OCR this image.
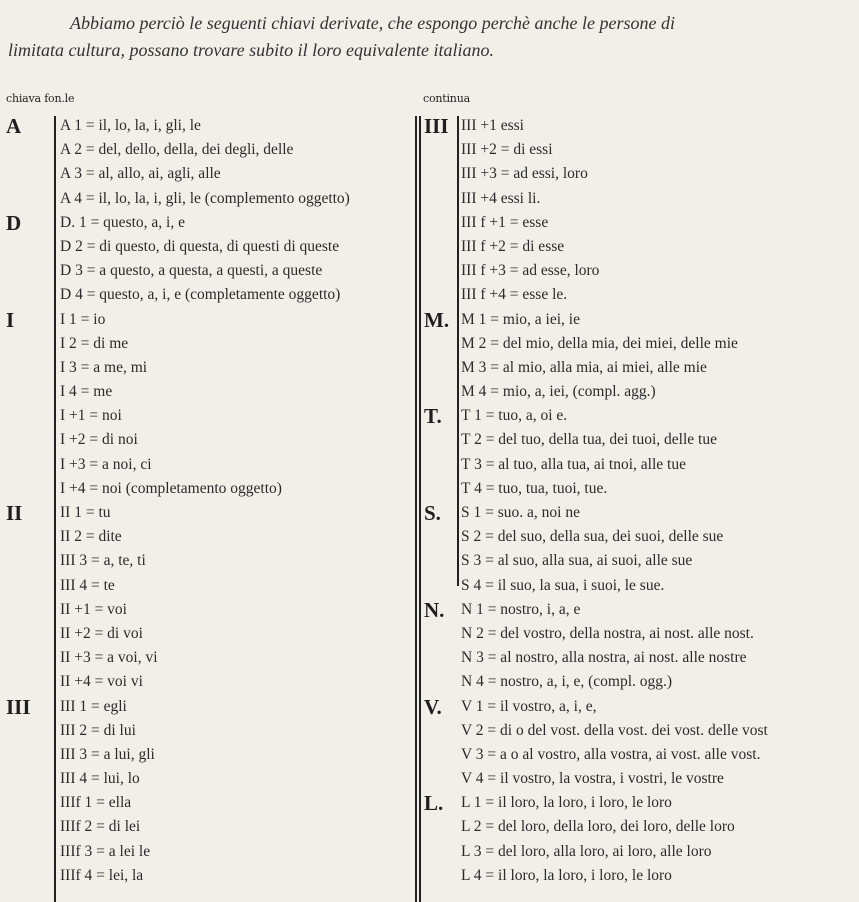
Abbiamo perciò le seguenti chiavi derivate, che espongo perchè anche le persone di

limitata cultura, possano trovare subito il loro equivalente italiano.

chiava fon.le	continua
A	A 1 = il, lo, la, i, gli, le
A 2 = del, dello, della, dei degli, delle
A 3 = al, allo, ai, agli, alle
A 4 = il, lo, la, i, gli, le (complemento oggetto)
D	D. 1 = questo, a, i, e
D 2 = di questo, di questa, di questi di queste
D 3 = a questo, a questa, a questi, a queste
D 4 = questo, a, i, e (completamente oggetto)
I	I 1 = io
I 2 = di me
I 3 = a me, mi
I 4 = me
I +1 = noi
I +2 = di noi
I +3 = a noi, ci
I +4 = noi (completamento oggetto)
II	II 1 = tu
II 2 = dite
III 3 = a, te, ti
III 4 = te
II +1 = voi
II +2 = di voi
II +3 = a voi, vi
II +4 = voi vi
III	III 1 = egli
III 2 = di lui
III 3 = a lui, gli
III 4 = lui, lo
IIIf 1 = ella
IIIf 2 = di lei
IIIf 3 = a lei le
IIIf 4 = lei, la
III III +1 essi
III +2 = di essi
III +3 = ad essi, loro
III +4 essi li.
III f +1 = esse
III f +2 = di esse
III f +3 = ad esse, loro
III f +4 = esse le.
M. M 1 = mio, a iei, ie
M 2 = del mio, della mia, dei miei, delle mie
M 3 = al mio, alla mia, ai miei, alle mie
M 4 = mio, a, iei, (compl. agg.)
T.	T 1 = tuo, a, oi e.
T 2 = del tuo, della tua, dei tuoi, delle tue
T 3 = al tuo, alla tua, ai tnoi, alle tue
T 4 = tuo, tua, tuoi, tue.
S.	S 1 = suo. a, noi ne
S 2 = del suo, della sua, dei suoi, delle sue
S 3 = al suo, alla sua, ai suoi, alle sue
S 4 = il suo, la sua, i suoi, le sue.
N.	N 1 = nostro, i, a, e
N 2 = del vostro, della nostra, ai nost. alle nost.
N 3 = al nostro, alla nostra, ai nost. alle nostre
N 4 = nostro, a, i, e, (compl. ogg.)
V.	V 1 = il vostro, a, i, e,
V 2 = di o del vost. della vost. dei vost. delle vost
V 3 = a o al vostro, alla vostra, ai vost. alle vost.
V 4 = il vostro, la vostra, i vostri, le vostre
L.	L 1 = il loro, la loro, i loro, le loro
L 2 = del loro, della loro, dei loro, delle loro
L 3 = del loro, alla loro, ai loro, alle loro
L 4 = il loro, la loro, i loro, le loro
